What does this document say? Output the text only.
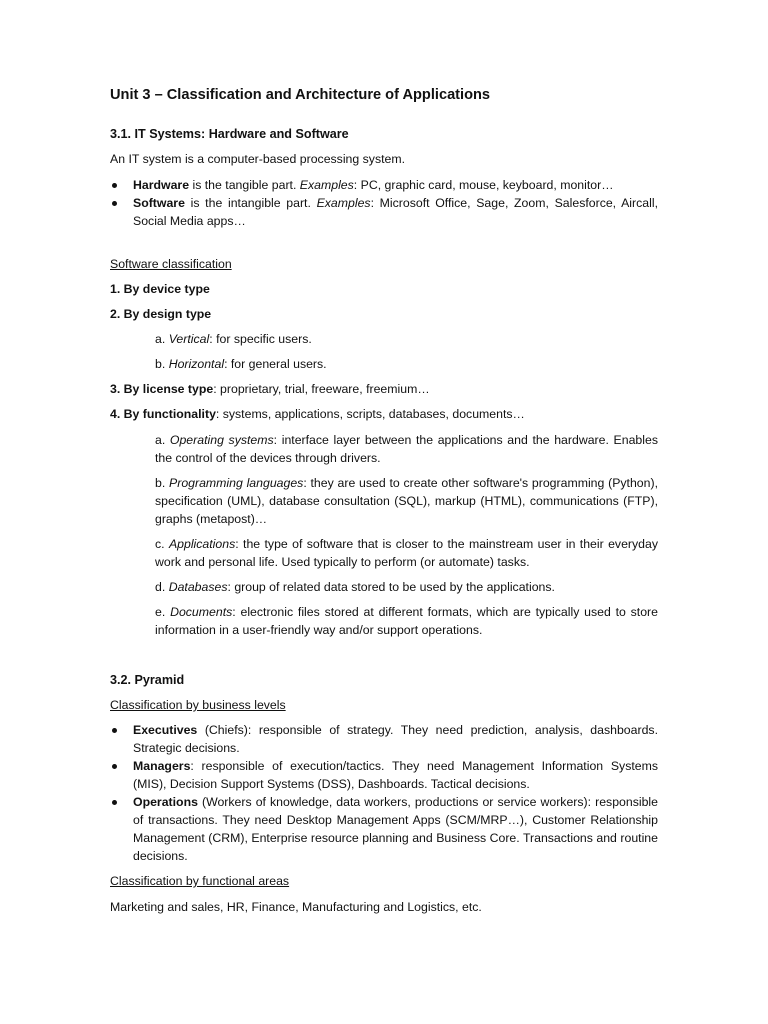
Unit 3 – Classification and Architecture of Applications

3.1. IT Systems: Hardware and Software

An IT system is a computer-based processing system.

Hardware is the tangible part. Examples: PC, graphic card, mouse, keyboard, monitor…
Software is the intangible part. Examples: Microsoft Office, Sage, Zoom, Salesforce, Aircall, Social Media apps…

Software classification

1. By device type

2. By design type

a. Vertical: for specific users.

b. Horizontal: for general users.

3. By license type: proprietary, trial, freeware, freemium…

4. By functionality: systems, applications, scripts, databases, documents…

a. Operating systems: interface layer between the applications and the hardware. Enables the control of the devices through drivers.

b. Programming languages: they are used to create other software's programming (Python), specification (UML), database consultation (SQL), markup (HTML), communications (FTP), graphs (metapost)…

c. Applications: the type of software that is closer to the mainstream user in their everyday work and personal life. Used typically to perform (or automate) tasks.

d. Databases: group of related data stored to be used by the applications.

e. Documents: electronic files stored at different formats, which are typically used to store information in a user-friendly way and/or support operations.

3.2. Pyramid

Classification by business levels

Executives (Chiefs): responsible of strategy. They need prediction, analysis, dashboards. Strategic decisions.
Managers: responsible of execution/tactics. They need Management Information Systems (MIS), Decision Support Systems (DSS), Dashboards. Tactical decisions.
Operations (Workers of knowledge, data workers, productions or service workers): responsible of transactions. They need Desktop Management Apps (SCM/MRP…), Customer Relationship Management (CRM), Enterprise resource planning and Business Core. Transactions and routine decisions.

Classification by functional areas

Marketing and sales, HR, Finance, Manufacturing and Logistics, etc.
